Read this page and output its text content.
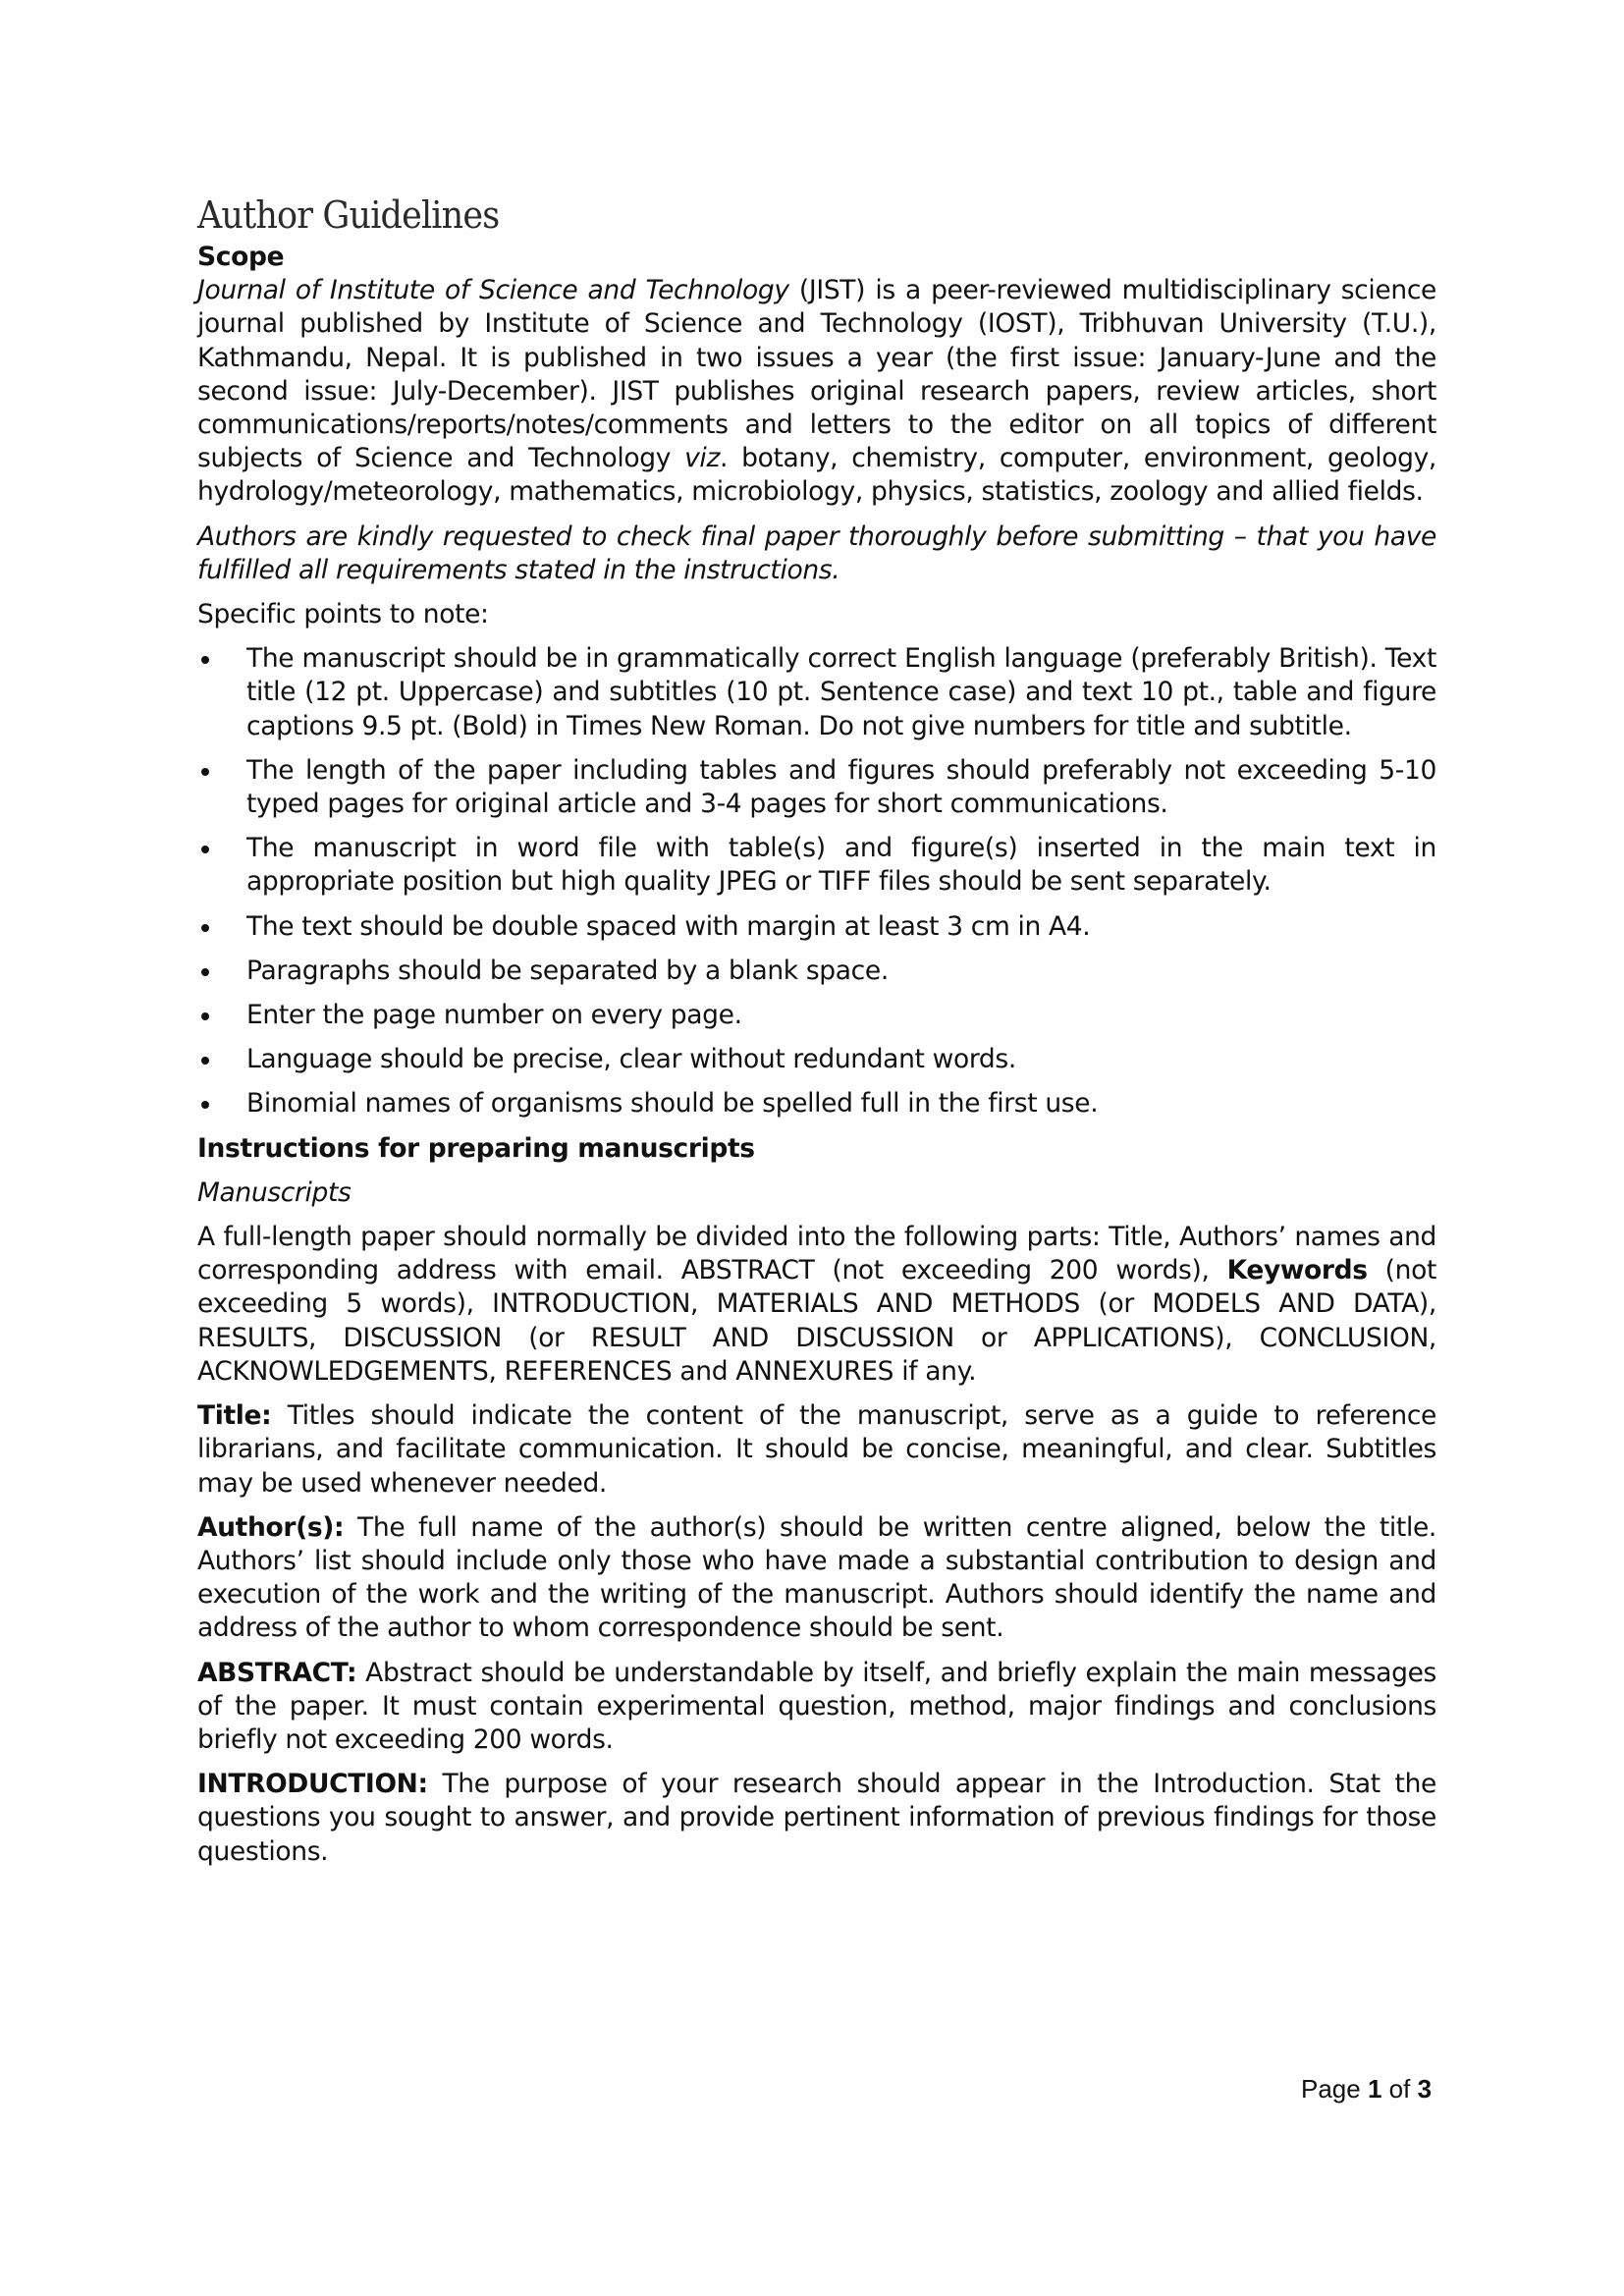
Author Guidelines
Scope

Journal of Institute of Science and Technology (JIST) is a peer-reviewed multidisciplinary science journal published by Institute of Science and Technology (IOST), Tribhuvan University (T.U.), Kathmandu, Nepal. It is published in two issues a year (the first issue: January-June and the second issue: July-December). JIST publishes original research papers, review articles, short communications/reports/notes/comments and letters to the editor on all topics of different subjects of Science and Technology viz. botany, chemistry, computer, environment, geology, hydrology/meteorology, mathematics, microbiology, physics, statistics, zoology and allied fields.

Authors are kindly requested to check final paper thoroughly before submitting – that you have fulfilled all requirements stated in the instructions.

Specific points to note:

The manuscript should be in grammatically correct English language (preferably British). Text title (12 pt. Uppercase) and subtitles (10 pt. Sentence case) and text 10 pt., table and figure captions 9.5 pt. (Bold) in Times New Roman. Do not give numbers for title and subtitle.
The length of the paper including tables and figures should preferably not exceeding 5-10 typed pages for original article and 3-4 pages for short communications.
The manuscript in word file with table(s) and figure(s) inserted in the main text in appropriate position but high quality JPEG or TIFF files should be sent separately.
The text should be double spaced with margin at least 3 cm in A4.
Paragraphs should be separated by a blank space.
Enter the page number on every page.
Language should be precise, clear without redundant words.
Binomial names of organisms should be spelled full in the first use.
Instructions for preparing manuscripts
Manuscripts

A full-length paper should normally be divided into the following parts: Title, Authors’ names and corresponding address with email. ABSTRACT (not exceeding 200 words), Keywords (not exceeding 5 words), INTRODUCTION, MATERIALS AND METHODS (or MODELS AND DATA), RESULTS, DISCUSSION (or RESULT AND DISCUSSION or APPLICATIONS), CONCLUSION, ACKNOWLEDGEMENTS, REFERENCES and ANNEXURES if any.

Title: Titles should indicate the content of the manuscript, serve as a guide to reference librarians, and facilitate communication. It should be concise, meaningful, and clear. Subtitles may be used whenever needed.

Author(s): The full name of the author(s) should be written centre aligned, below the title. Authors’ list should include only those who have made a substantial contribution to design and execution of the work and the writing of the manuscript. Authors should identify the name and address of the author to whom correspondence should be sent.

ABSTRACT: Abstract should be understandable by itself, and briefly explain the main messages of the paper. It must contain experimental question, method, major findings and conclusions briefly not exceeding 200 words.

INTRODUCTION: The purpose of your research should appear in the Introduction. Stat the questions you sought to answer, and provide pertinent information of previous findings for those questions.

Page 1 of 3
